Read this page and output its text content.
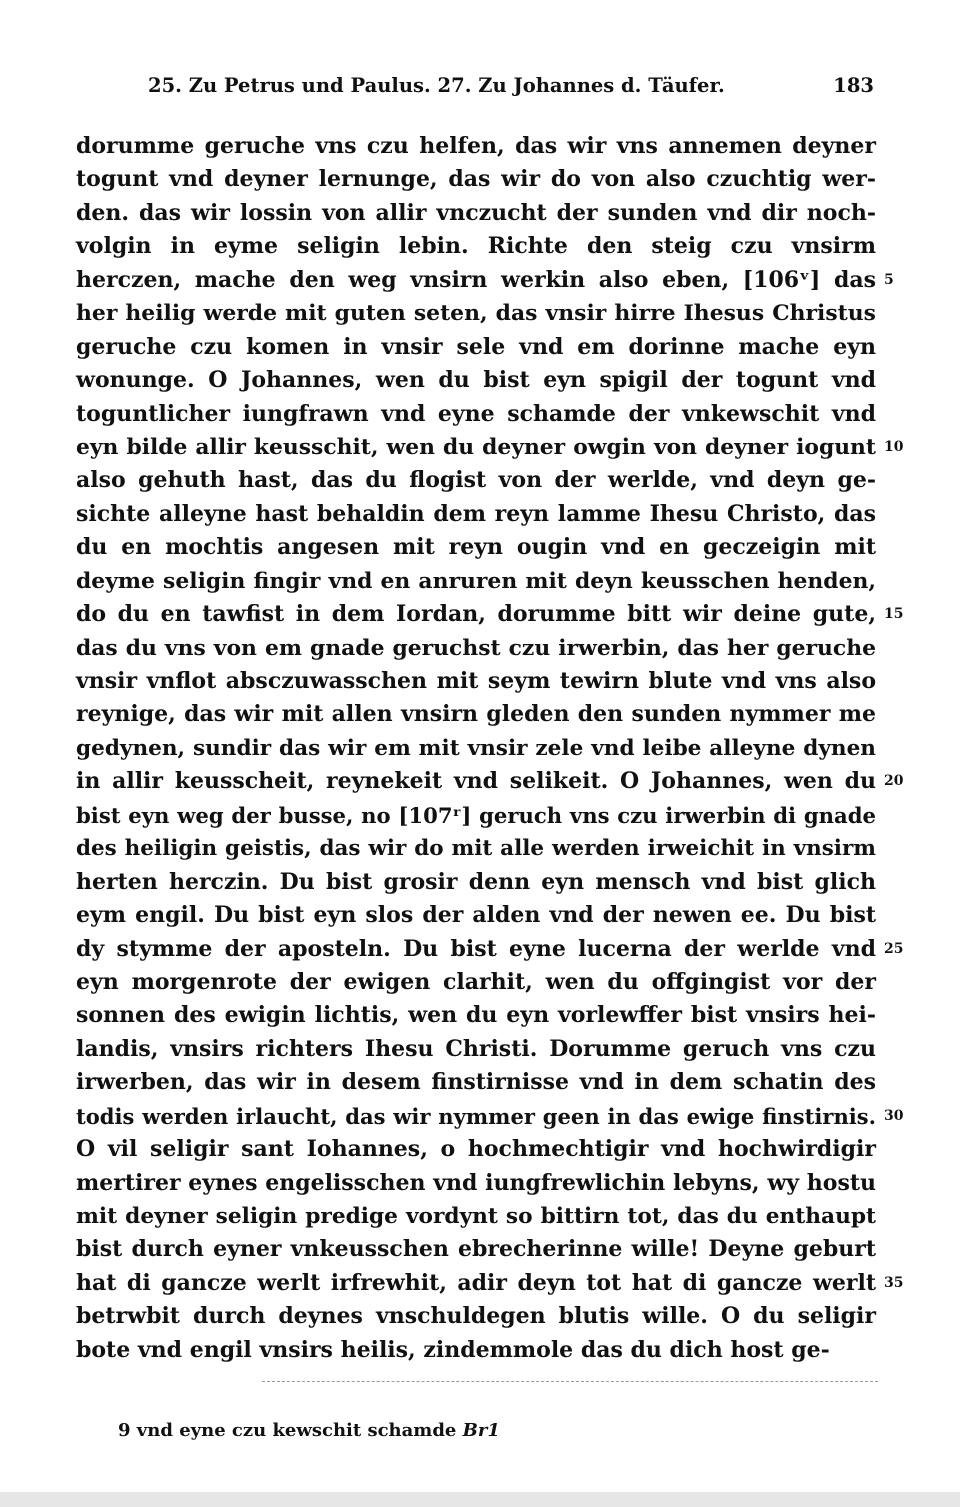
25. Zu Petrus und Paulus. 27. Zu Johannes d. Täufer.	183
dorumme geruche vns czu helfen, das wir vns annemen deyner
togunt vnd deyner lernunge, das wir do von also czuchtig wer-
den. das wir lossin von allir vnczucht der sunden vnd dir noch-
volgin in eyme seligin lebin. Richte den steig czu vnsirm
herczen, mache den weg vnsirn werkin also eben, [106ᵛ] das 5
her heilig werde mit guten seten, das vnsir hirre Ihesus Christus
geruche czu komen in vnsir sele vnd em dorinne mache eyn
wonunge. O Johannes, wen du bist eyn spigil der togunt vnd
toguntlicher iungfrawn vnd eyne schamde der vnkewschit vnd
eyn bilde allir keusschit, wen du deyner owgin von deyner iogunt 10
also gehuth hast, das du flogist von der werlde, vnd deyn ge-
sichte alleyne hast behaldin dem reyn lamme Ihesu Christo, das
du en mochtis angesen mit reyn ougin vnd en geczeigin mit
deyme seligin fingir vnd en anruren mit deyn keusschen henden,
do du en tawfist in dem Iordan, dorumme bitt wir deine gute, 15
das du vns von em gnade geruchst czu irwerbin, das her geruche
vnsir vnflot absczuwasschen mit seym tewirn blute vnd vns also
reynige, das wir mit allen vnsirn gleden den sunden nymmer me
gedynen, sundir das wir em mit vnsir zele vnd leibe alleyne dynen
in allir keusscheit, reynekeit vnd selikeit. O Johannes, wen du 20
bist eyn weg der busse, no [107ʳ] geruch vns czu irwerbin di gnade
des heiligin geistis, das wir do mit alle werden irweichit in vnsirm
herten herczin. Du bist grosir denn eyn mensch vnd bist glich
eym engil. Du bist eyn slos der alden vnd der newen ee. Du bist
dy stymme der aposteln. Du bist eyne lucerna der werlde vnd 25
eyn morgenrote der ewigen clarhit, wen du offgingist vor der
sonnen des ewigin lichtis, wen du eyn vorlewffer bist vnsirs hei-
landis, vnsirs richters Ihesu Christi. Dorumme geruch vns czu
irwerben, das wir in desem finstirnisse vnd in dem schatin des
todis werden irlaucht, das wir nymmer geen in das ewige finstirnis. 30
O vil seligir sant Iohannes, o hochmechtigir vnd hochwirdigir
mertirer eynes engelisschen vnd iungfrewlichin lebyns, wy hostu
mit deyner seligin predige vordynt so bittirn tot, das du enthaupt
bist durch eyner vnkeusschen ebrecherinne wille! Deyne geburt
hat di gancze werlt irfrewhit, adir deyn tot hat di gancze werlt 35
betrwbit durch deynes vnschuldegen blutis wille. O du seligir
bote vnd engil vnsirs heilis, zindemmole das du dich host ge-
9 vnd eyne czu kewschit schamde Br1
